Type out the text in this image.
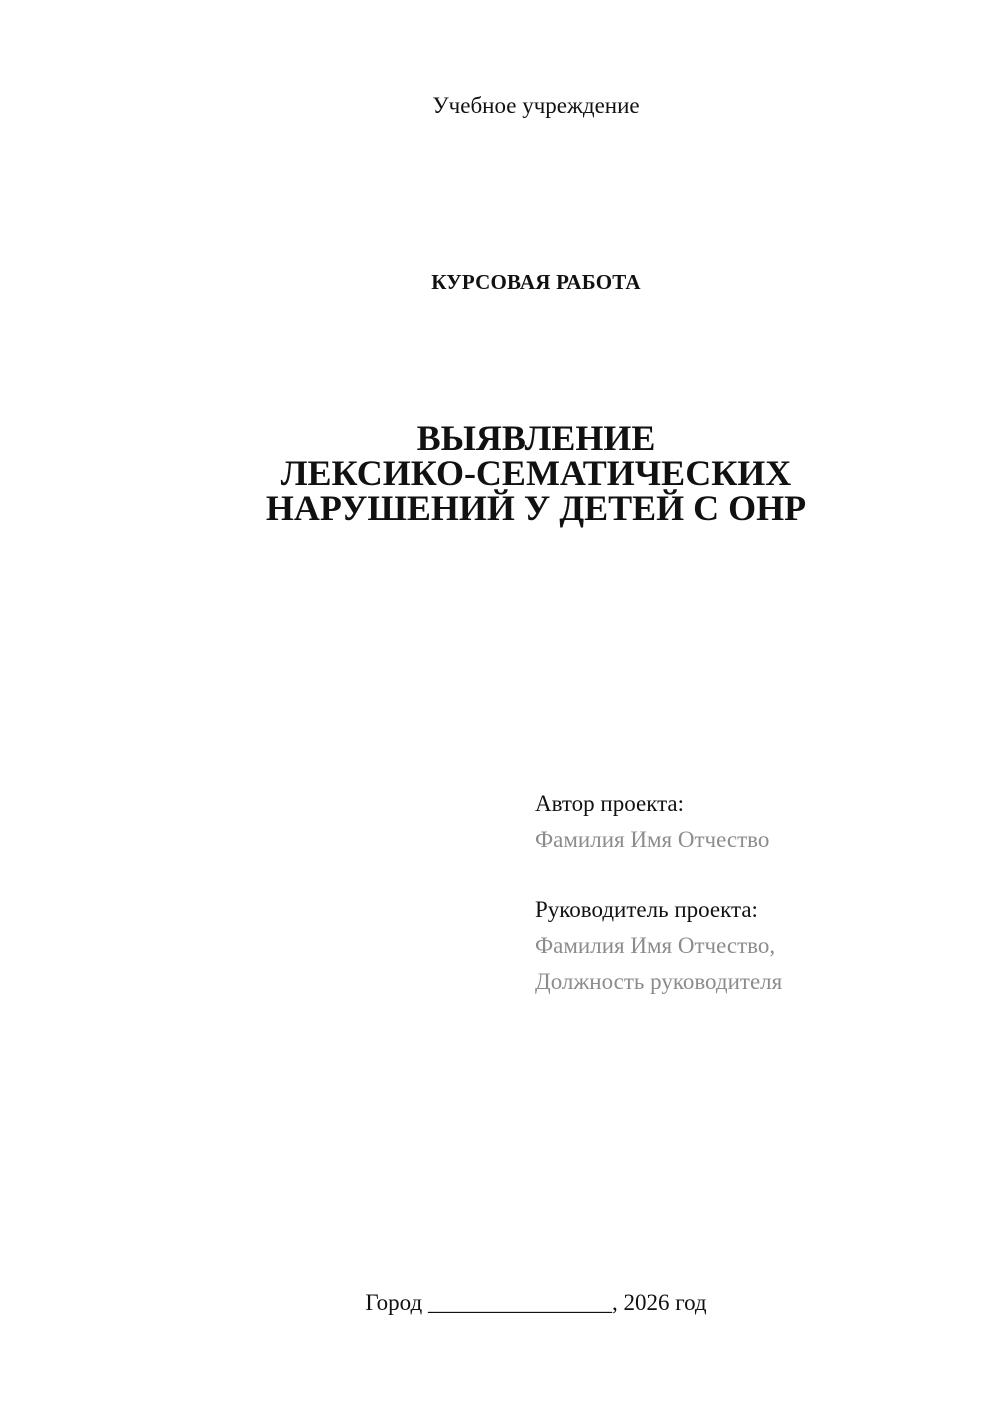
Учебное учреждение
КУРСОВАЯ РАБОТА
ВЫЯВЛЕНИЕ
ЛЕКСИКО-СЕМАТИЧЕСКИХ
НАРУШЕНИЙ У ДЕТЕЙ С ОНР
Автор проекта:
Фамилия Имя Отчество
Руководитель проекта:
Фамилия Имя Отчество,
Должность руководителя
Город ________________, 2026 год
